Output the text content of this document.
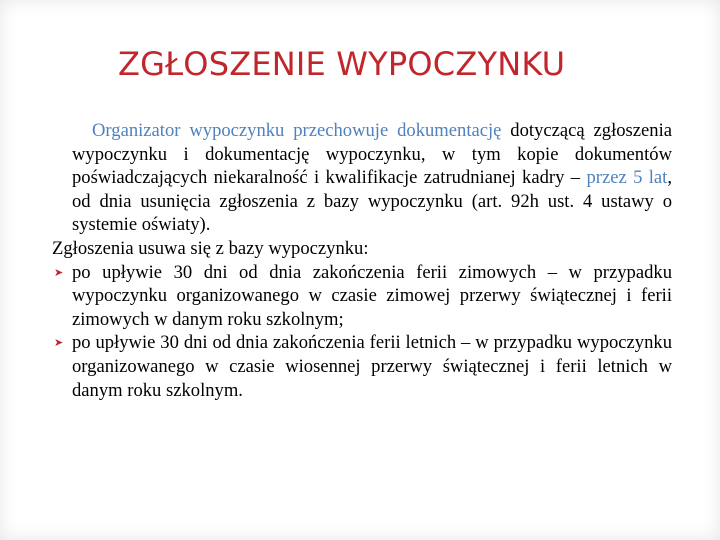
ZGŁOSZENIE WYPOCZYNKU

Organizator wypoczynku przechowuje dokumentację dotyczącą zgłoszenia wypoczynku i dokumentację wypoczynku, w tym kopie dokumentów poświadczających niekaralność i kwalifikacje zatrudnianej kadry – przez 5 lat, od dnia usunięcia zgłoszenia z bazy wypoczynku (art. 92h ust. 4 ustawy o systemie oświaty).

Zgłoszenia usuwa się z bazy wypoczynku:

➤ po upływie 30 dni od dnia zakończenia ferii zimowych – w przypadku wypoczynku organizowanego w czasie zimowej przerwy świątecznej i ferii zimowych w danym roku szkolnym;

➤ po upływie 30 dni od dnia zakończenia ferii letnich – w przypadku wypoczynku organizowanego w czasie wiosennej przerwy świątecznej i ferii letnich w danym roku szkolnym.
